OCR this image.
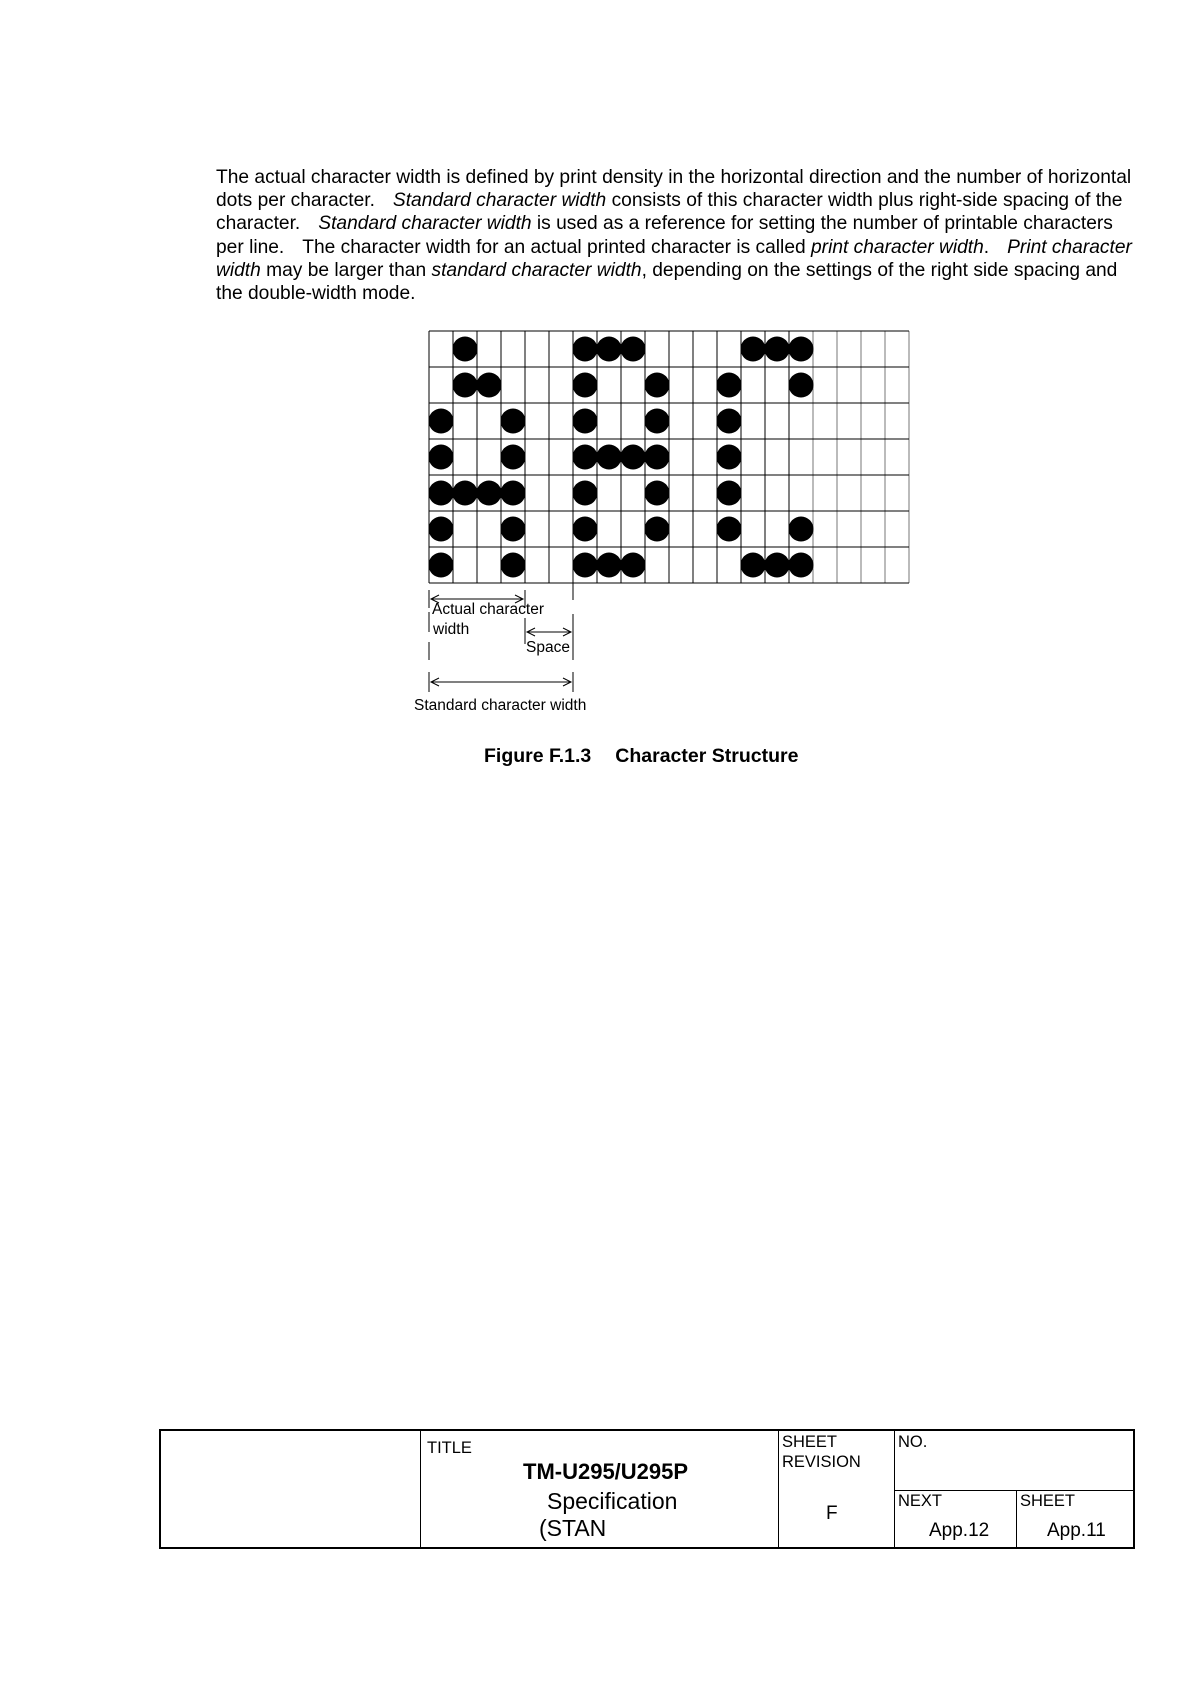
The actual character width is defined by print density in the horizontal direction and the number of horizontal dots per character. Standard character width consists of this character width plus right-side spacing of the character. Standard character width is used as a reference for setting the number of printable characters per line. The character width for an actual printed character is called print character width. Print character width may be larger than standard character width, depending on the settings of the right side spacing and the double-width mode.

Actual character
width
Space
Standard character width

Figure F.1.3 Character Structure

TITLE
TM-U295/U295P
Specification
(STAN
SHEET
REVISION
F
NO.
NEXT
App.12
SHEET
App.11
